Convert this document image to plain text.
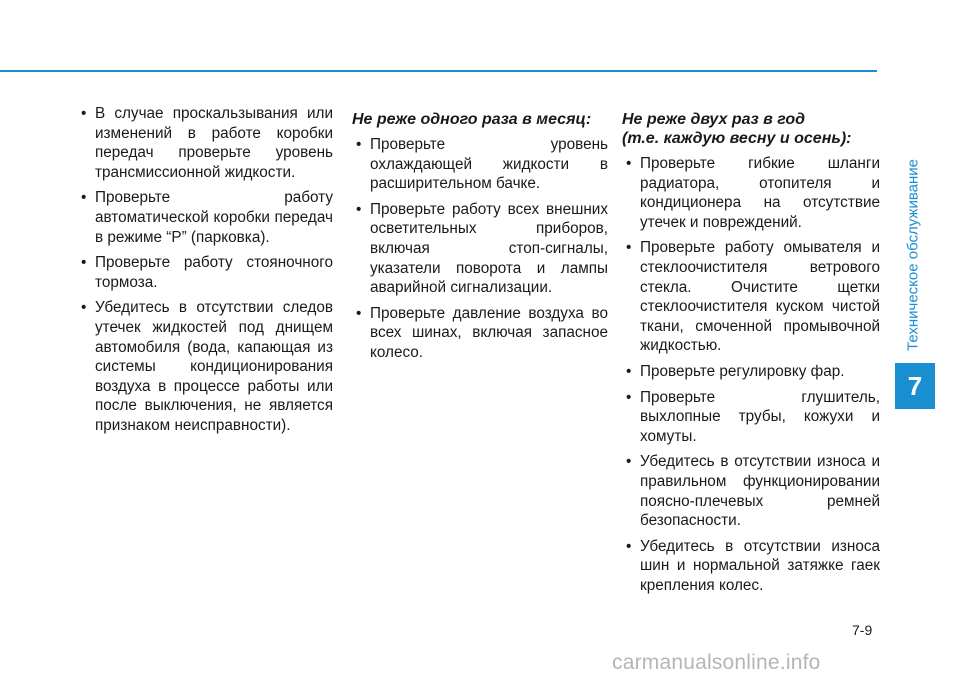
Техническое обслуживание
7
• В случае проскальзывания или изменений в работе коробки передач проверьте уровень трансмиссионной жидкости.
• Проверьте работу автоматической коробки передач в режиме “P” (парковка).
• Проверьте работу стояночного тормоза.
• Убедитесь в отсутствии следов утечек жидкостей под днищем автомобиля (вода, капающая из системы кондиционирования воздуха в процессе работы или после выключения, не является признаком неисправности).
Не реже одного раза в месяц:
• Проверьте уровень охлаждающей жидкости в расширительном бачке.
• Проверьте работу всех внешних осветительных приборов, включая стоп-сигналы, указатели поворота и лампы аварийной сигнализации.
• Проверьте давление воздуха во всех шинах, включая запасное колесо.
Не реже двух раз в год
(т.е. каждую весну и осень):
• Проверьте гибкие шланги радиатора, отопителя и кондиционера на отсутствие утечек и повреждений.
• Проверьте работу омывателя и стеклоочистителя ветрового стекла. Очистите щетки стеклоочистителя куском чистой ткани, смоченной промывочной жидкостью.
• Проверьте регулировку фар.
• Проверьте глушитель, выхлопные трубы, кожухи и хомуты.
• Убедитесь в отсутствии износа и правильном функционировании поясно-плечевых ремней безопасности.
• Убедитесь в отсутствии износа шин и нормальной затяжке гаек крепления колес.
7-9
carmanualsonline.info
